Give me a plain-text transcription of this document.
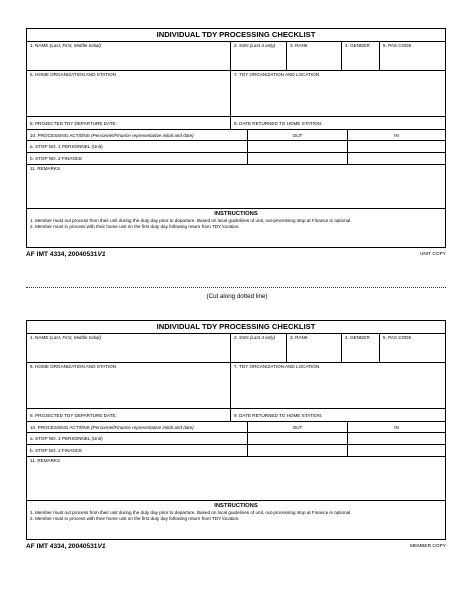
INDIVIDUAL TDY PROCESSING CHECKLIST
1. NAME (Last, First, Middle Initial)	2. SSN (Last 4 only)	3. RANK	4. GENDER	5. PAS CODE
6. HOME ORGANIZATION AND STATION	7. TDY ORGANIZATION AND LOCATION
8. PROJECTED TDY DEPARTURE DATE:	9. DATE RETURNED TO HOME STATION:
10. PROCESSING ACTIONS (Personnel/Finance representative initial and date)	OUT	IN
a. STOP NO. 1 PERSONNEL (Unit)
b. STOP NO. 2 FINANCE
11. REMARKS
INSTRUCTIONS
1. Member must out process from their unit during the duty day prior to departure. Based on local guidelines of unit, out-processing stop at Finance is optional.
2. Member must in process with their home unit on the first duty day following return from TDY location.
AF IMT 4334, 20040531V1	UNIT COPY
(Cut along dotted line)
INDIVIDUAL TDY PROCESSING CHECKLIST
1. NAME (Last, First, Middle Initial)	2. SSN (Last 4 only)	3. RANK	4. GENDER	5. PAS CODE
6. HOME ORGANIZATION AND STATION	7. TDY ORGANIZATION AND LOCATION
8. PROJECTED TDY DEPARTURE DATE:	9. DATE RETURNED TO HOME STATION:
10. PROCESSING ACTIONS (Personnel/Finance representative initial and date)	OUT	IN
a. STOP NO. 1 PERSONNEL (Unit)
b. STOP NO. 2 FINANCE
11. REMARKS
INSTRUCTIONS
1. Member must out process from their unit during the duty day prior to departure. Based on local guidelines of unit, out-processing stop at Finance is optional.
2. Member must in process with their home unit on the first duty day following return from TDY location.
AF IMT 4334, 20040531V1	MEMBER COPY
